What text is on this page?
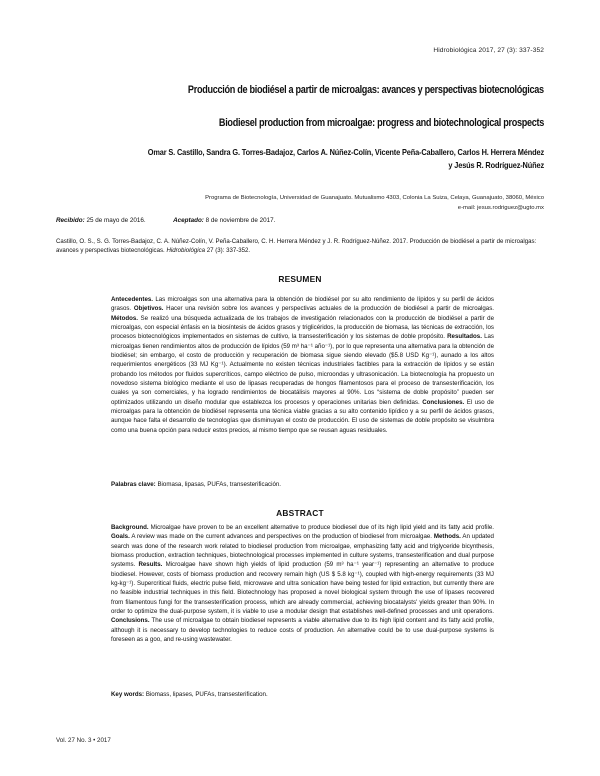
Hidrobiológica 2017, 27 (3): 337-352
Producción de biodiésel a partir de microalgas: avances y perspectivas biotecnológicas
Biodiesel production from microalgae: progress and biotechnological prospects
Omar S. Castillo, Sandra G. Torres-Badajoz, Carlos A. Núñez-Colín, Vicente Peña-Caballero, Carlos H. Herrera Méndez
y Jesús R. Rodríguez-Núñez
Programa de Biotecnología, Universidad de Guanajuato. Mutualismo 4303, Colonia La Suiza, Celaya, Guanajuato, 38060, México
e-mail: jesus.rodriguez@ugto.mx
Recibido: 25 de mayo de 2016.	Aceptado: 8 de noviembre de 2017.
Castillo, O. S., S. G. Torres-Badajoz, C. A. Núñez-Colín, V. Peña-Caballero, C. H. Herrera Méndez y J. R. Rodríguez-Núñez. 2017. Producción de biodiésel a partir de microalgas: avances y perspectivas biotecnológicas. Hidrobiológica 27 (3): 337-352.
RESUMEN
Antecedentes. Las microalgas son una alternativa para la obtención de biodiésel por su alto rendimiento de lípidos y su perfil de ácidos grasos. Objetivos. Hacer una revisión sobre los avances y perspectivas actuales de la producción de biodiésel a partir de microalgas. Métodos. Se realizó una búsqueda actualizada de los trabajos de investigación relacionados con la producción de biodiésel a partir de microalgas, con especial énfasis en la biosíntesis de ácidos grasos y triglicéridos, la producción de biomasa, las técnicas de extracción, los procesos biotecnológicos implementados en sistemas de cultivo, la transesterificación y los sistemas de doble propósito. Resultados. Las microalgas tienen rendimientos altos de producción de lípidos (59 m³ ha⁻¹ año⁻¹), por lo que representa una alternativa para la obtención de biodiésel; sin embargo, el costo de producción y recuperación de biomasa sigue siendo elevado ($5.8 USD Kg⁻¹), aunado a los altos requerimientos energéticos (33 MJ Kg⁻¹). Actualmente no existen técnicas industriales factibles para la extracción de lípidos y se están probando los métodos por fluidos supercríticos, campo eléctrico de pulso, microondas y ultrasonicación. La biotecnología ha propuesto un novedoso sistema biológico mediante el uso de lipasas recuperadas de hongos filamentosos para el proceso de transesterificación, los cuales ya son comerciales, y ha logrado rendimientos de biocatálisis mayores al 90%. Los “sistema de doble propósito” pueden ser optimizados utilizando un diseño modular que establezca los procesos y operaciones unitarias bien definidas. Conclusiones. El uso de microalgas para la obtención de biodiésel representa una técnica viable gracias a su alto contenido lipídico y a su perfil de ácidos grasos, aunque hace falta el desarrollo de tecnologías que disminuyan el costo de producción. El uso de sistemas de doble propósito se visulmbra como una buena opción para reducir estos precios, al mismo tiempo que se reusan aguas residuales.
Palabras clave: Biomasa, lipasas, PUFAs, transesterificación.
ABSTRACT
Background. Microalgae have proven to be an excellent alternative to produce biodiesel due of its high lipid yield and its fatty acid profile. Goals. A review was made on the current advances and perspectives on the production of biodiesel from microalgae. Methods. An updated search was done of the research work related to biodiesel production from microalgae, emphasizing fatty acid and triglyceride bicynthesis, biomass production, extraction techniques, biotechnological processes implemented in culture systems, transesterification and dual purpose systems. Results. Microalgae have shown high yields of lipid production (59 m³ ha⁻¹ year⁻¹) representing an alternative to produce biodiesel. However, costs of biomass production and recovery remain high (US $ 5.8 kg⁻¹), coupled with high-energy requirements (33 MJ kg-kg⁻¹). Supercritical fluids, electric pulse field, microwave and ultra sonication have being tested for lipid extraction, but currently there are no feasible industrial techniques in this field. Biotechnology has proposed a novel biological system through the use of lipases recovered from filamentous fungi for the transesterification process, which are already commercial, achieving biocatalysts' yields greater than 90%. In order to optimize the dual-purpose system, it is viable to use a modular design that establishes well-defined processes and unit operations. Conclusions. The use of microalgae to obtain biodiesel represents a viable alternative due to its high lipid content and its fatty acid profile, although it is necessary to develop technologies to reduce costs of production. An alternative could be to use dual-purpose systems is foreseen as a goo, and re-using wastewater.
Key words: Biomass, lipases, PUFAs, transesterification.
Vol. 27 No. 3 • 2017
